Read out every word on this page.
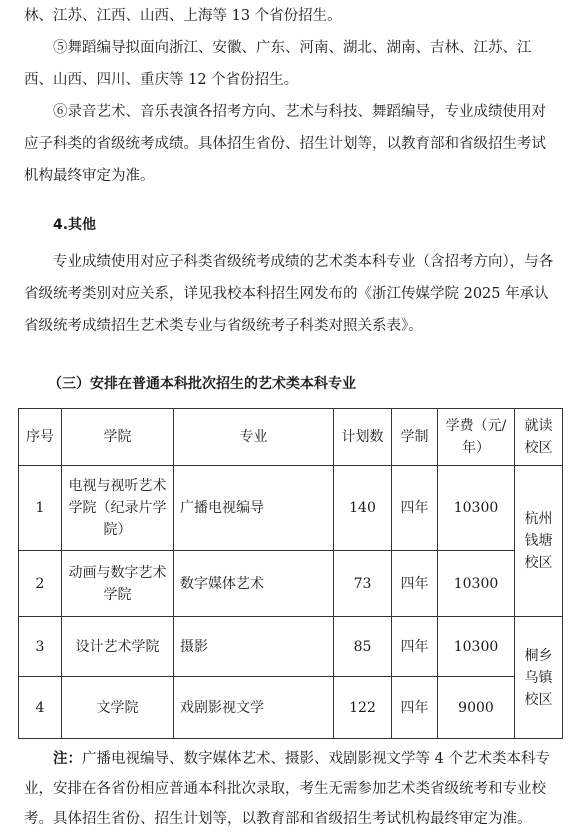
林、江苏、江西、山西、上海等 13 个省份招生。

⑤舞蹈编导拟面向浙江、安徽、广东、河南、湖北、湖南、吉林、江苏、江西、山西、四川、重庆等 12 个省份招生。

⑥录音艺术、音乐表演各招考方向、艺术与科技、舞蹈编导，专业成绩使用对应子科类的省级统考成绩。具体招生省份、招生计划等，以教育部和省级招生考试机构最终审定为准。

4.其他

专业成绩使用对应子科类省级统考成绩的艺术类本科专业（含招考方向），与各省级统考类别对应关系，详见我校本科招生网发布的《浙江传媒学院 2025 年承认省级统考成绩招生艺术类专业与省级统考子科类对照关系表》。

（三）安排在普通本科批次招生的艺术类本科专业
序号	学院	专业	计划数	学制	学费（元/年）	就读校区
1	电视与视听艺术学院（纪录片学院）	广播电视编导	140	四年	10300	杭州钱塘校区
2	动画与数字艺术学院	数字媒体艺术	73	四年	10300	
3	设计艺术学院	摄影	85	四年	10300	桐乡乌镇校区
4	文学院	戏剧影视文学	122	四年	9000	

注：广播电视编导、数字媒体艺术、摄影、戏剧影视文学等 4 个艺术类本科专业，安排在各省份相应普通本科批次录取，考生无需参加艺术类省级统考和专业校考。具体招生省份、招生计划等，以教育部和省级招生考试机构最终审定为准。
